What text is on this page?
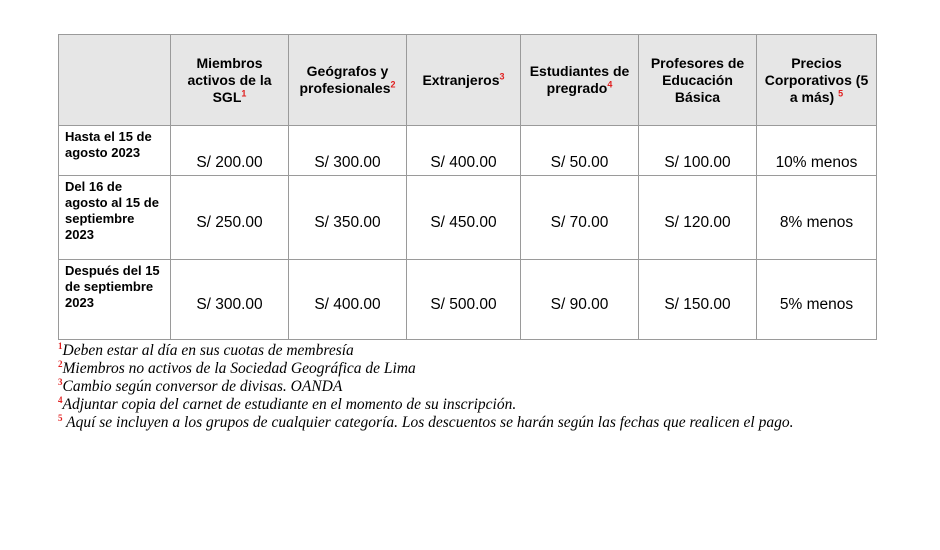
	Miembros activos de la SGL$^1$	Geógrafos y profesionales$^2$	Extranjeros$^3$	Estudiantes de pregrado$^4$	Profesores de Educación Básica	Precios Corporativos (5 a más) $^5$
Hasta el 15 de agosto 2023	S/ 200.00	S/ 300.00	S/ 400.00	S/ 50.00	S/ 100.00	10% menos
Del 16 de agosto al 15 de septiembre 2023	S/ 250.00	S/ 350.00	S/ 450.00	S/ 70.00	S/ 120.00	8% menos
Después del 15 de septiembre 2023	S/ 300.00	S/ 400.00	S/ 500.00	S/ 90.00	S/ 150.00	5% menos

$^1$Deben estar al día en sus cuotas de membresía

$^2$Miembros no activos de la Sociedad Geográfica de Lima

$^3$Cambio según conversor de divisas. OANDA

$^4$Adjuntar copia del carnet de estudiante en el momento de su inscripción.

$^5$ Aquí se incluyen a los grupos de cualquier categoría. Los descuentos se harán según las fechas que realicen el pago.
